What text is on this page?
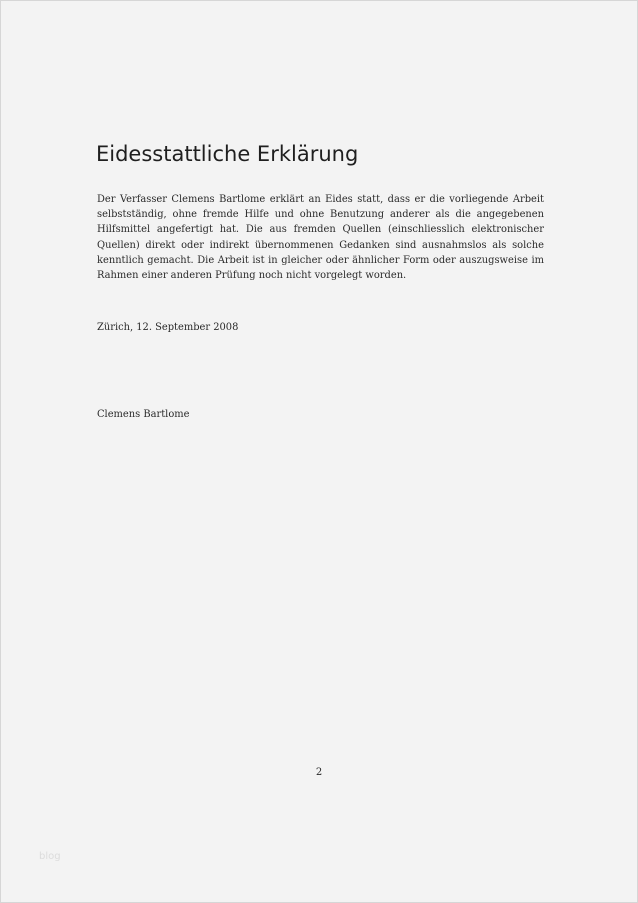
Eidesstattliche Erklärung

Der Verfasser Clemens Bartlome erklärt an Eides statt, dass er die vorliegende Arbeit selbstständig, ohne fremde Hilfe und ohne Benutzung anderer als die angegebenen Hilfsmittel angefertigt hat. Die aus fremden Quellen (einschliesslich elektronischer Quellen) direkt oder indirekt übernommenen Gedanken sind ausnahmslos als solche kenntlich gemacht. Die Arbeit ist in gleicher oder ähnlicher Form oder auszugsweise im Rahmen einer anderen Prüfung noch nicht vorgelegt worden.

Zürich, 12. September 2008
Clemens Bartlome
2
blog
